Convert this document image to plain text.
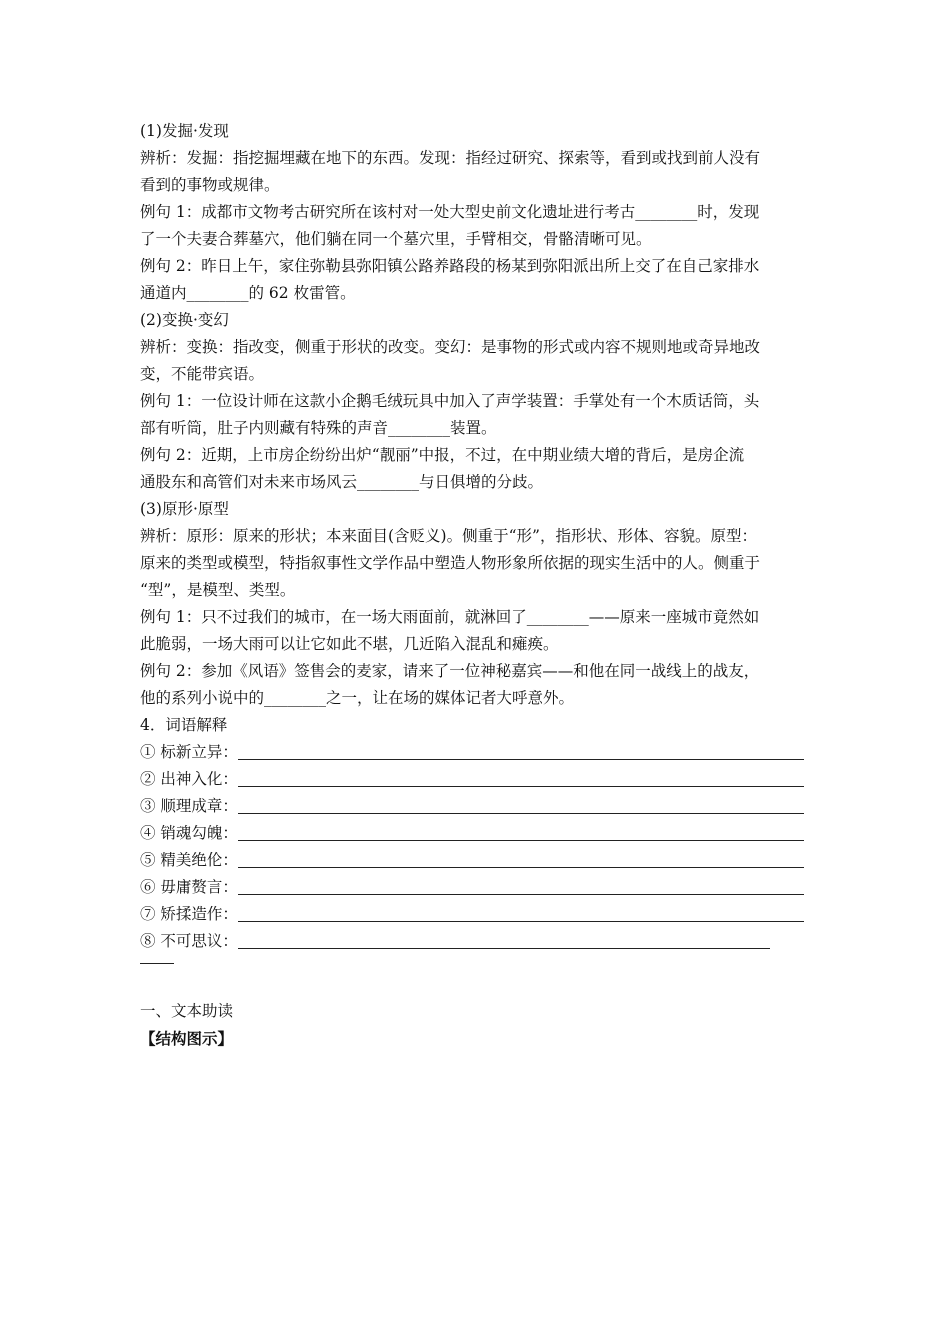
(1)发掘·发现
辨析：发掘：指挖掘埋藏在地下的东西。发现：指经过研究、探索等，看到或找到前人没有
看到的事物或规律。
例句 1：成都市文物考古研究所在该村对一处大型史前文化遗址进行考古________时，发现
了一个夫妻合葬墓穴，他们躺在同一个墓穴里，手臂相交，骨骼清晰可见。
例句 2：昨日上午，家住弥勒县弥阳镇公路养路段的杨某到弥阳派出所上交了在自己家排水
通道内________的 62 枚雷管。
(2)变换·变幻
辨析：变换：指改变，侧重于形状的改变。变幻：是事物的形式或内容不规则地或奇异地改
变，不能带宾语。
例句 1：一位设计师在这款小企鹅毛绒玩具中加入了声学装置：手掌处有一个木质话筒，头
部有听筒，肚子内则藏有特殊的声音________装置。
例句 2：近期，上市房企纷纷出炉“靓丽”中报，不过，在中期业绩大增的背后，是房企流
通股东和高管们对未来市场风云________与日俱增的分歧。
(3)原形·原型
辨析：原形：原来的形状；本来面目(含贬义)。侧重于“形”，指形状、形体、容貌。原型：
原来的类型或模型，特指叙事性文学作品中塑造人物形象所依据的现实生活中的人。侧重于
“型”，是模型、类型。
例句 1：只不过我们的城市，在一场大雨面前，就淋回了________——原来一座城市竟然如
此脆弱，一场大雨可以让它如此不堪，几近陷入混乱和瘫痪。
例句 2：参加《风语》签售会的麦家，请来了一位神秘嘉宾——和他在同一战线上的战友，
他的系列小说中的________之一，让在场的媒体记者大呼意外。
4．词语解释
① 标新立异：
② 出神入化：
③ 顺理成章：
④ 销魂勾魄：
⑤ 精美绝伦：
⑥ 毋庸赘言：
⑦ 矫揉造作：
⑧ 不可思议：
一、文本助读
【结构图示】
